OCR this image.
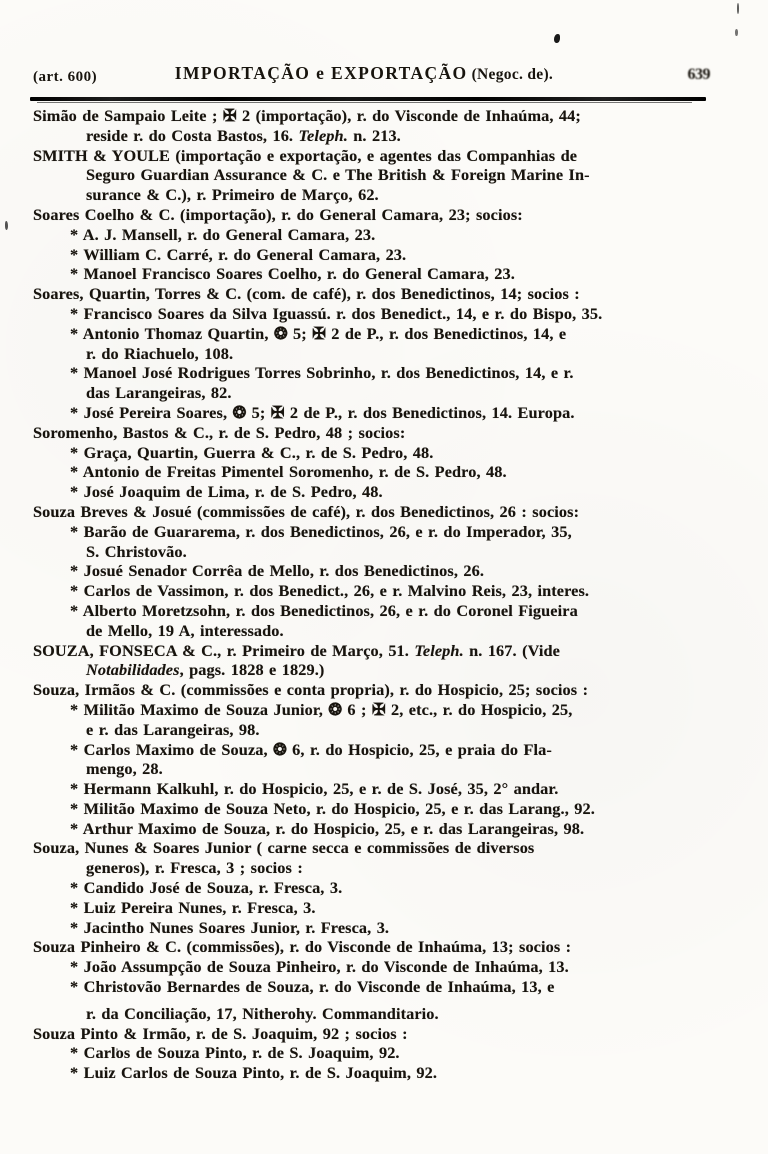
(art. 600)	IMPORTAÇÃO e EXPORTAÇÃO (Negoc. de).	639
Simão de Sampaio Leite ; ✠ 2 (importação), r. do Visconde de Inhaúma, 44;
reside r. do Costa Bastos, 16. Teleph. n. 213.
SMITH & YOULE (importação e exportação, e agentes das Companhias de
Seguro Guardian Assurance & C. e The British & Foreign Marine In-
surance & C.), r. Primeiro de Março, 62.
Soares Coelho & C. (importação), r. do General Camara, 23; socios:
* A. J. Mansell, r. do General Camara, 23.
* William C. Carré, r. do General Camara, 23.
* Manoel Francisco Soares Coelho, r. do General Camara, 23.
Soares, Quartin, Torres & C. (com. de café), r. dos Benedictinos, 14; socios :
* Francisco Soares da Silva Iguassú. r. dos Benedict., 14, e r. do Bispo, 35.
* Antonio Thomaz Quartin, ❂ 5; ✠ 2 de P., r. dos Benedictinos, 14, e
r. do Riachuelo, 108.
* Manoel José Rodrigues Torres Sobrinho, r. dos Benedictinos, 14, e r.
das Larangeiras, 82.
* José Pereira Soares, ❂ 5; ✠ 2 de P., r. dos Benedictinos, 14. Europa.
Soromenho, Bastos & C., r. de S. Pedro, 48 ; socios:
* Graça, Quartin, Guerra & C., r. de S. Pedro, 48.
* Antonio de Freitas Pimentel Soromenho, r. de S. Pedro, 48.
* José Joaquim de Lima, r. de S. Pedro, 48.
Souza Breves & Josué (commissões de café), r. dos Benedictinos, 26 : socios:
* Barão de Guararema, r. dos Benedictinos, 26, e r. do Imperador, 35,
S. Christovão.
* Josué Senador Corrêa de Mello, r. dos Benedictinos, 26.
* Carlos de Vassimon, r. dos Benedict., 26, e r. Malvino Reis, 23, interes.
* Alberto Moretzsohn, r. dos Benedictinos, 26, e r. do Coronel Figueira
de Mello, 19 A, interessado.
SOUZA, FONSECA & C., r. Primeiro de Março, 51. Teleph. n. 167. (Vide
Notabilidades, pags. 1828 e 1829.)
Souza, Irmãos & C. (commissões e conta propria), r. do Hospicio, 25; socios :
* Militão Maximo de Souza Junior, ❂ 6 ; ✠ 2, etc., r. do Hospicio, 25,
e r. das Larangeiras, 98.
* Carlos Maximo de Souza, ❂ 6, r. do Hospicio, 25, e praia do Fla-
mengo, 28.
* Hermann Kalkuhl, r. do Hospicio, 25, e r. de S. José, 35, 2° andar.
* Militão Maximo de Souza Neto, r. do Hospicio, 25, e r. das Larang., 92.
* Arthur Maximo de Souza, r. do Hospicio, 25, e r. das Larangeiras, 98.
Souza, Nunes & Soares Junior ( carne secca e commissões de diversos
generos), r. Fresca, 3 ; socios :
* Candido José de Souza, r. Fresca, 3.
* Luiz Pereira Nunes, r. Fresca, 3.
* Jacintho Nunes Soares Junior, r. Fresca, 3.
Souza Pinheiro & C. (commissões), r. do Visconde de Inhaúma, 13; socios :
* João Assumpção de Souza Pinheiro, r. do Visconde de Inhaúma, 13.
* Christovão Bernardes de Souza, r. do Visconde de Inhaúma, 13, e
r. da Conciliação, 17, Nitherohy. Commanditario.
Souza Pinto & Irmão, r. de S. Joaquim, 92 ; socios :
* Carlos de Souza Pinto, r. de S. Joaquim, 92.
* Luiz Carlos de Souza Pinto, r. de S. Joaquim, 92.
